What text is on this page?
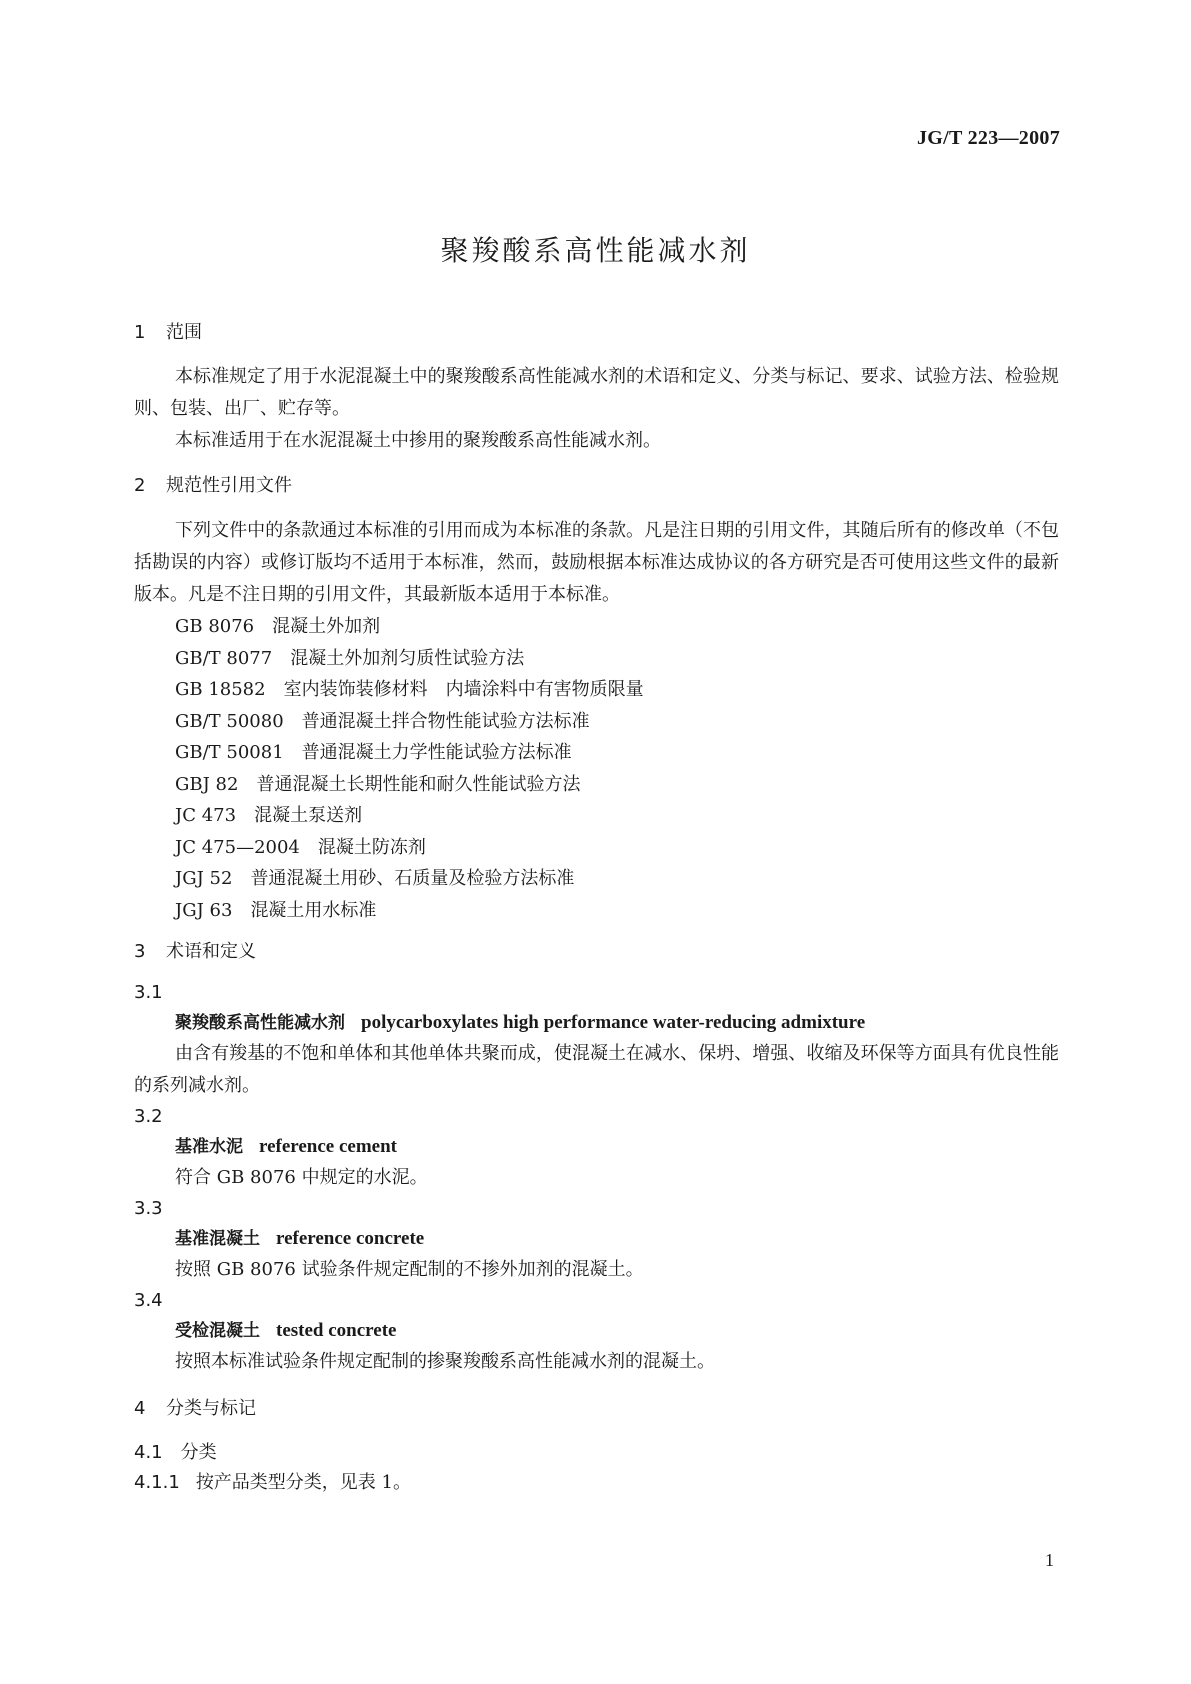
JG/T 223—2007
聚羧酸系高性能减水剂
1 范围
本标准规定了用于水泥混凝土中的聚羧酸系高性能减水剂的术语和定义、分类与标记、要求、试验方法、检验规则、包装、出厂、贮存等。
本标准适用于在水泥混凝土中掺用的聚羧酸系高性能减水剂。
2 规范性引用文件
下列文件中的条款通过本标准的引用而成为本标准的条款。凡是注日期的引用文件，其随后所有的修改单（不包括勘误的内容）或修订版均不适用于本标准，然而，鼓励根据本标准达成协议的各方研究是否可使用这些文件的最新版本。凡是不注日期的引用文件，其最新版本适用于本标准。
GB 8076 混凝土外加剂
GB/T 8077 混凝土外加剂匀质性试验方法
GB 18582 室内装饰装修材料　内墙涂料中有害物质限量
GB/T 50080 普通混凝土拌合物性能试验方法标准
GB/T 50081 普通混凝土力学性能试验方法标准
GBJ 82 普通混凝土长期性能和耐久性能试验方法
JC 473 混凝土泵送剂
JC 475—2004 混凝土防冻剂
JGJ 52 普通混凝土用砂、石质量及检验方法标准
JGJ 63 混凝土用水标准
3 术语和定义
3.1
聚羧酸系高性能减水剂 polycarboxylates high performance water-reducing admixture
由含有羧基的不饱和单体和其他单体共聚而成，使混凝土在减水、保坍、增强、收缩及环保等方面具有优良性能的系列减水剂。
3.2
基准水泥 reference cement
符合 GB 8076 中规定的水泥。
3.3
基准混凝土 reference concrete
按照 GB 8076 试验条件规定配制的不掺外加剂的混凝土。
3.4
受检混凝土 tested concrete
按照本标准试验条件规定配制的掺聚羧酸系高性能减水剂的混凝土。
4 分类与标记
4.1 分类
4.1.1 按产品类型分类，见表 1。
1
